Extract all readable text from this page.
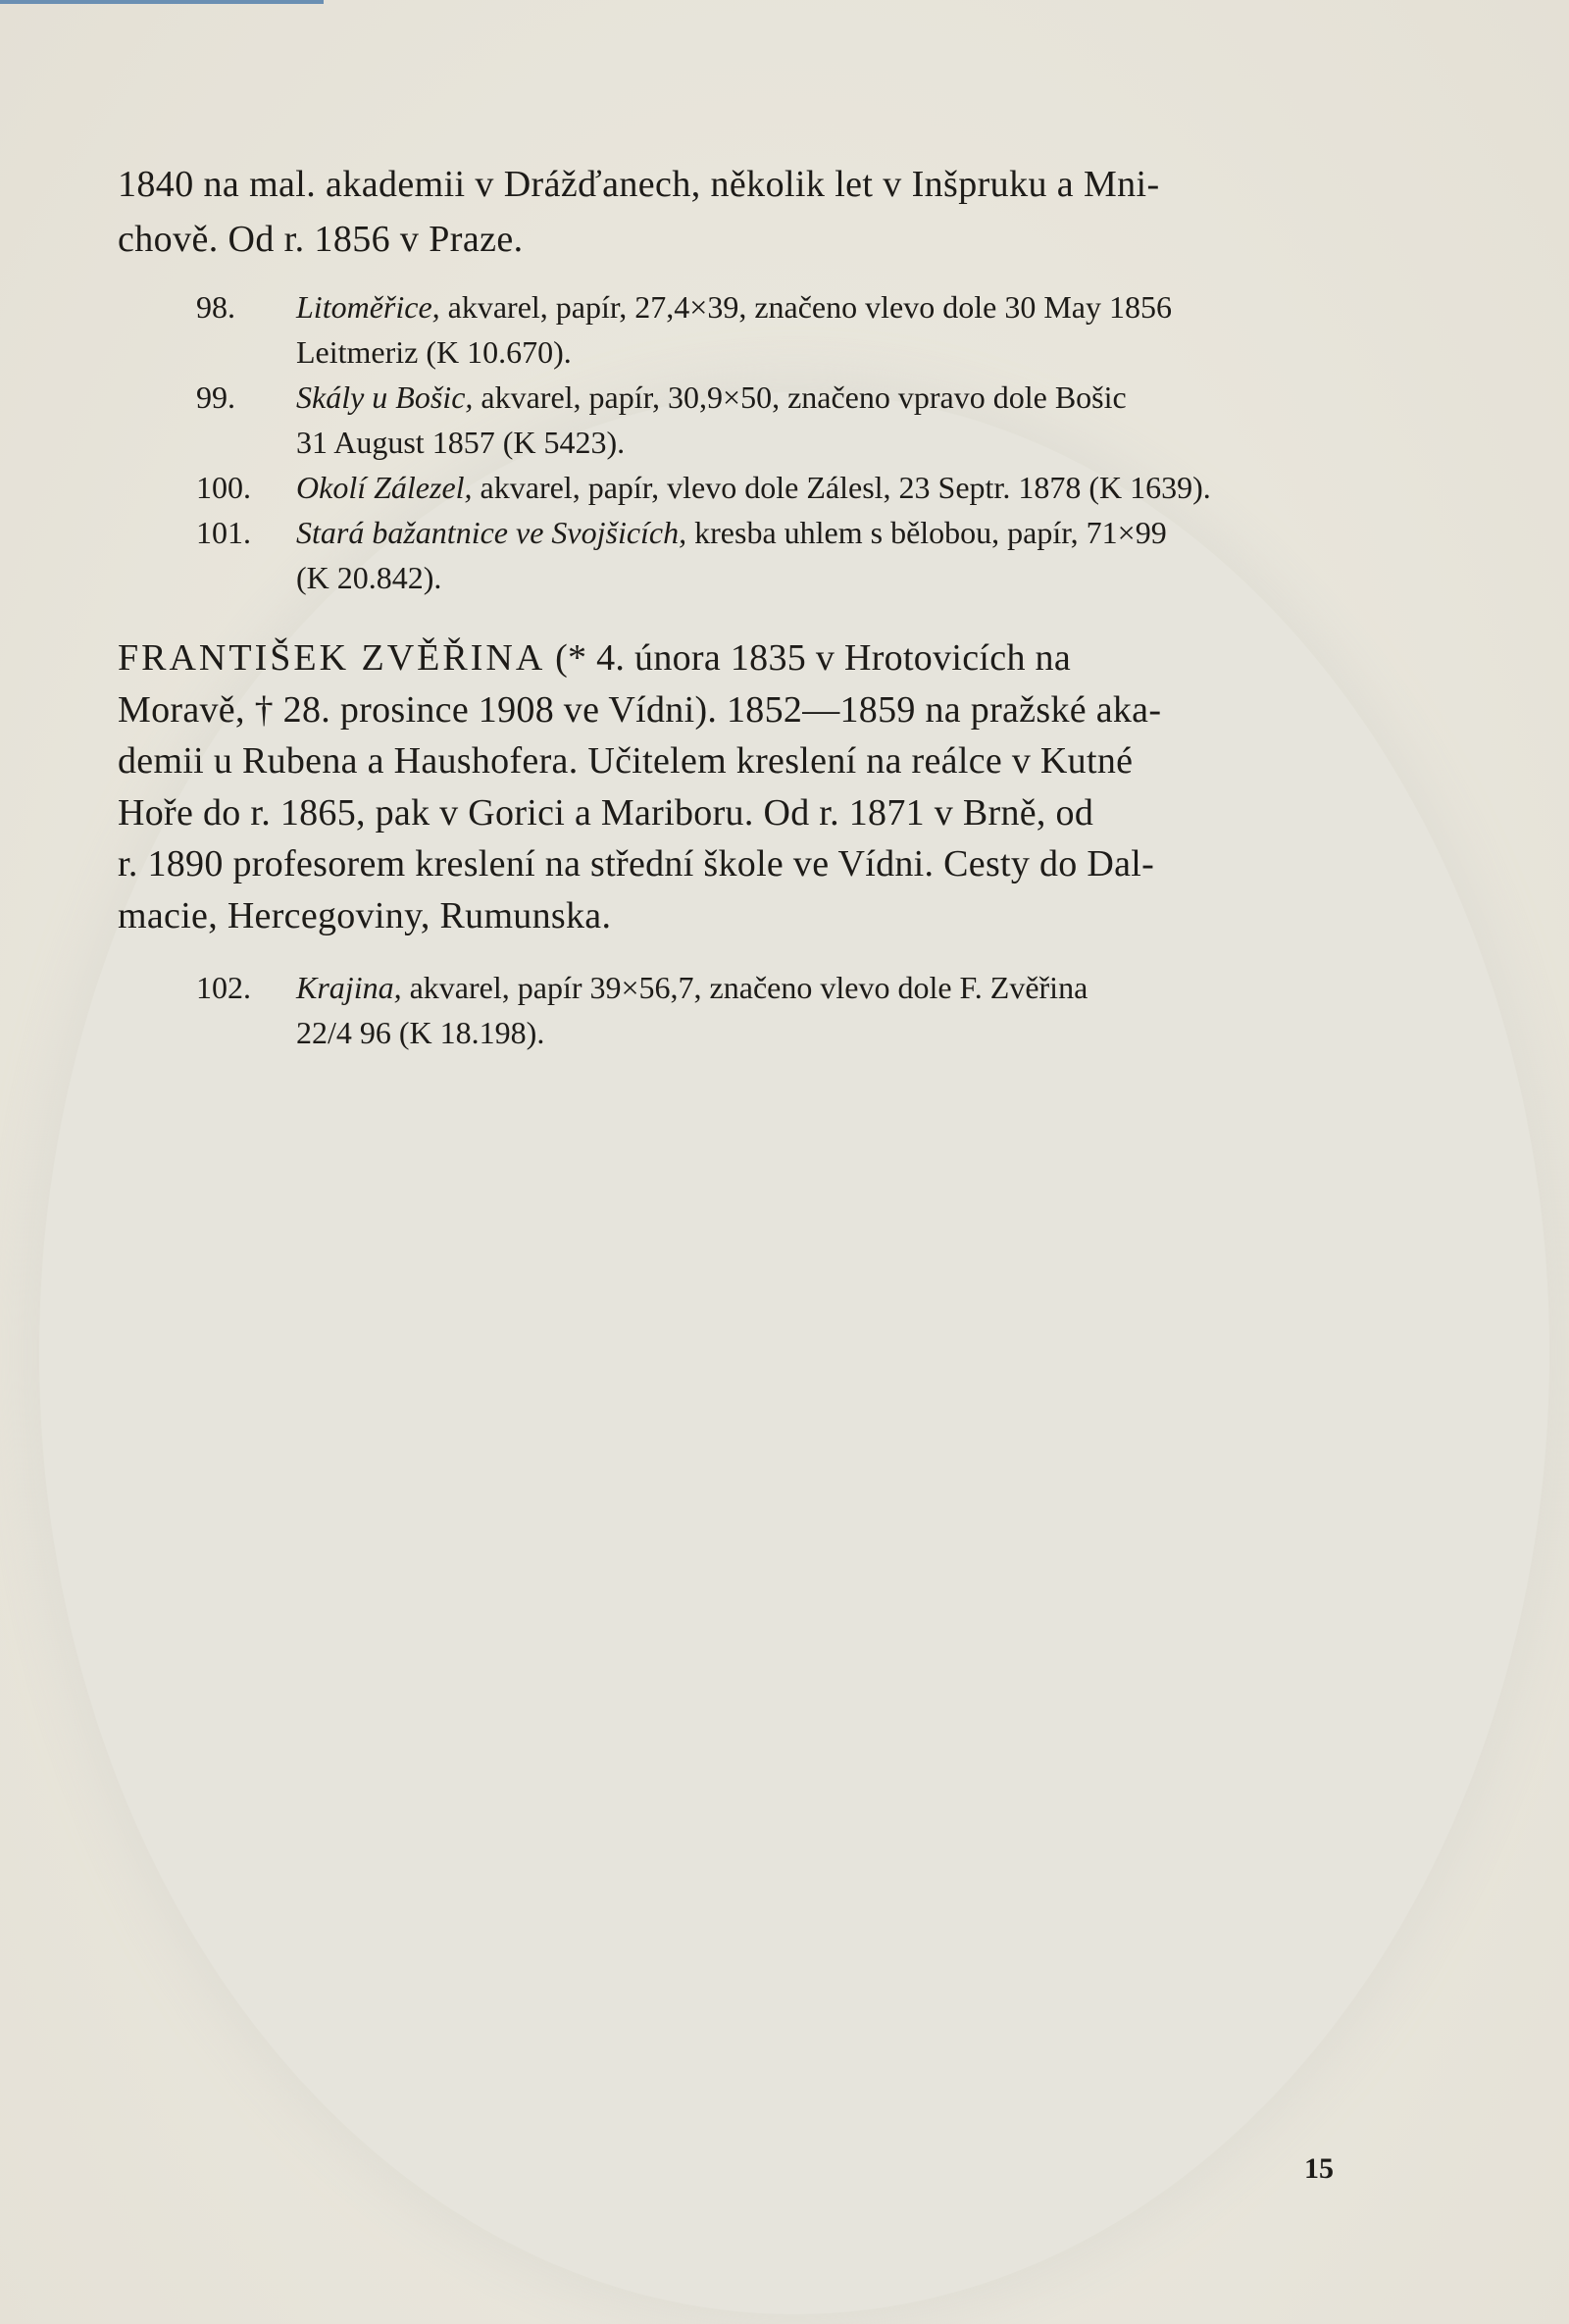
1840 na mal. akademii v Drážďanech, několik let v Inšpruku a Mni-
chově. Od r. 1856 v Praze.
98.	Litoměřice, akvarel, papír, 27,4×39, značeno vlevo dole 30 May 1856
Leitmeriz (K 10.670).
99.	Skály u Bošic, akvarel, papír, 30,9×50, značeno vpravo dole Bošic
31 August 1857 (K 5423).
100.	Okolí Zálezel, akvarel, papír, vlevo dole Zálesl, 23 Septr. 1878 (K 1639).
101.	Stará bažantnice ve Svojšicích, kresba uhlem s bělobou, papír, 71×99
(K 20.842).
FRANTIŠEK ZVĚŘINA (* 4. února 1835 v Hrotovicích na
Moravě, † 28. prosince 1908 ve Vídni). 1852—1859 na pražské aka-
demii u Rubena a Haushofera. Učitelem kreslení na reálce v Kutné
Hoře do r. 1865, pak v Gorici a Mariboru. Od r. 1871 v Brně, od
r. 1890 profesorem kreslení na střední škole ve Vídni. Cesty do Dal-
macie, Hercegoviny, Rumunska.
102.	Krajina, akvarel, papír 39×56,7, značeno vlevo dole F. Zvěřina
22/4 96 (K 18.198).
15
